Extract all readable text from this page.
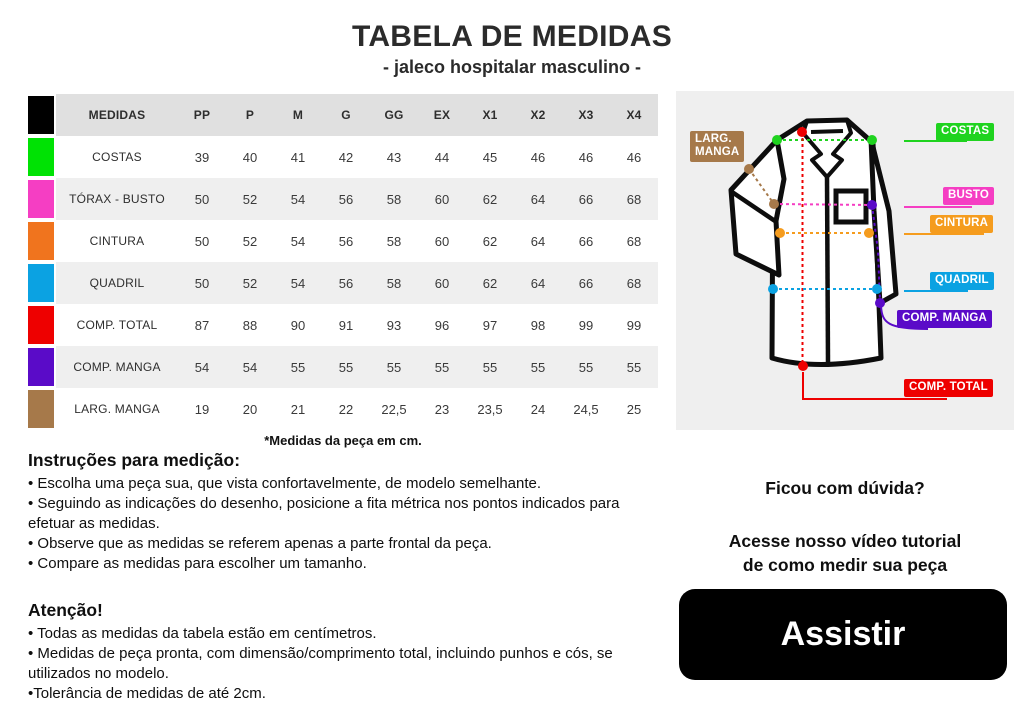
TABELA DE MEDIDAS
- jaleco hospitalar masculino -
MEDIDAS	PP	P	M	G	GG	EX	X1	X2	X3	X4
COSTAS	39	40	41	42	43	44	45	46	46	46
TÓRAX - BUSTO	50	52	54	56	58	60	62	64	66	68
CINTURA	50	52	54	56	58	60	62	64	66	68
QUADRIL	50	52	54	56	58	60	62	64	66	68
COMP. TOTAL	87	88	90	91	93	96	97	98	99	99
COMP. MANGA	54	54	55	55	55	55	55	55	55	55
LARG. MANGA	19	20	21	22	22,5	23	23,5	24	24,5	25
*Medidas da peça em cm.
Instruções para medição:

• Escolha uma peça sua, que vista confortavelmente, de modelo semelhante.

• Seguindo as indicações do desenho, posicione a fita métrica nos pontos indicados para efetuar as medidas.

• Observe que as medidas se referem apenas a parte frontal da peça.

• Compare as medidas para escolher um tamanho.

Atenção!

• Todas as medidas da tabela estão em centímetros.

• Medidas de peça pronta, com dimensão/comprimento total, incluindo punhos e cós, se utilizados no modelo.

•Tolerância de medidas de até 2cm.

LARG.
MANGA
COSTAS
BUSTO
CINTURA
QUADRIL
COMP. MANGA
COMP. TOTAL
Ficou com dúvida?
Acesse nosso vídeo tutorial
de como medir sua peça
Assistir
